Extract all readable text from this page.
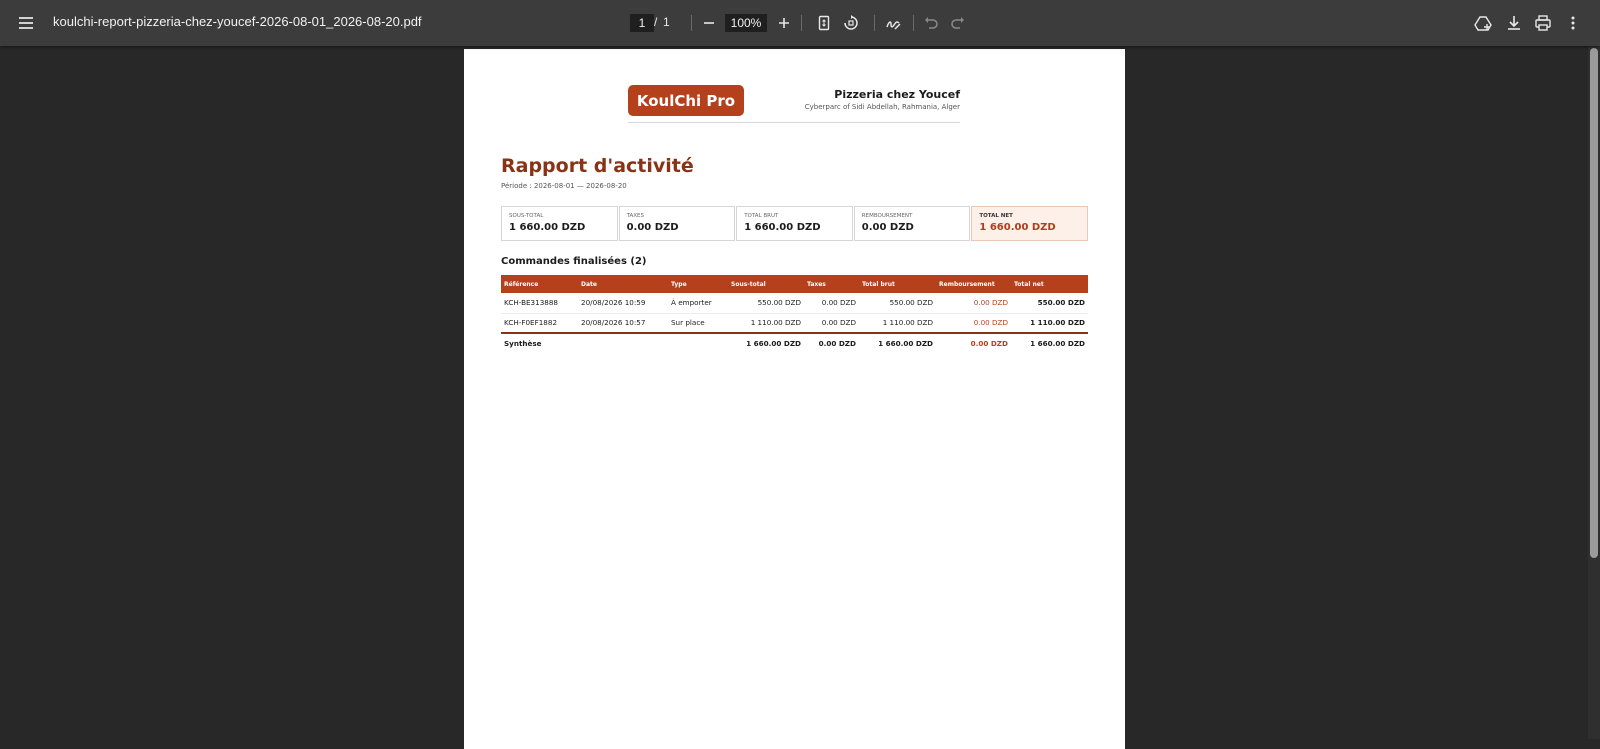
koulchi-report-pizzeria-chez-youcef-2026-08-01_2026-08-20.pdf
1	/ 1
100%
KoulChi Pro	Pizzeria chez Youcef
Cyberparc of Sidi Abdellah, Rahmania, Alger
Rapport d'activité
Période : 2026-08-01 — 2026-08-20
SOUS-TOTAL
1 660.00 DZD
TAXES
0.00 DZD
TOTAL BRUT
1 660.00 DZD
REMBOURSEMENT
0.00 DZD
TOTAL NET
1 660.00 DZD
Commandes finalisées (2)
Référence	Date	Type	Sous-total	Taxes	Total brut	Remboursement	Total net
KCH-BE313888	20/08/2026 10:59	À emporter	550.00 DZD	0.00 DZD	550.00 DZD	0.00 DZD	550.00 DZD
KCH-F0EF1882	20/08/2026 10:57	Sur place	1 110.00 DZD	0.00 DZD	1 110.00 DZD	0.00 DZD	1 110.00 DZD
Synthèse			1 660.00 DZD	0.00 DZD	1 660.00 DZD	0.00 DZD	1 660.00 DZD
